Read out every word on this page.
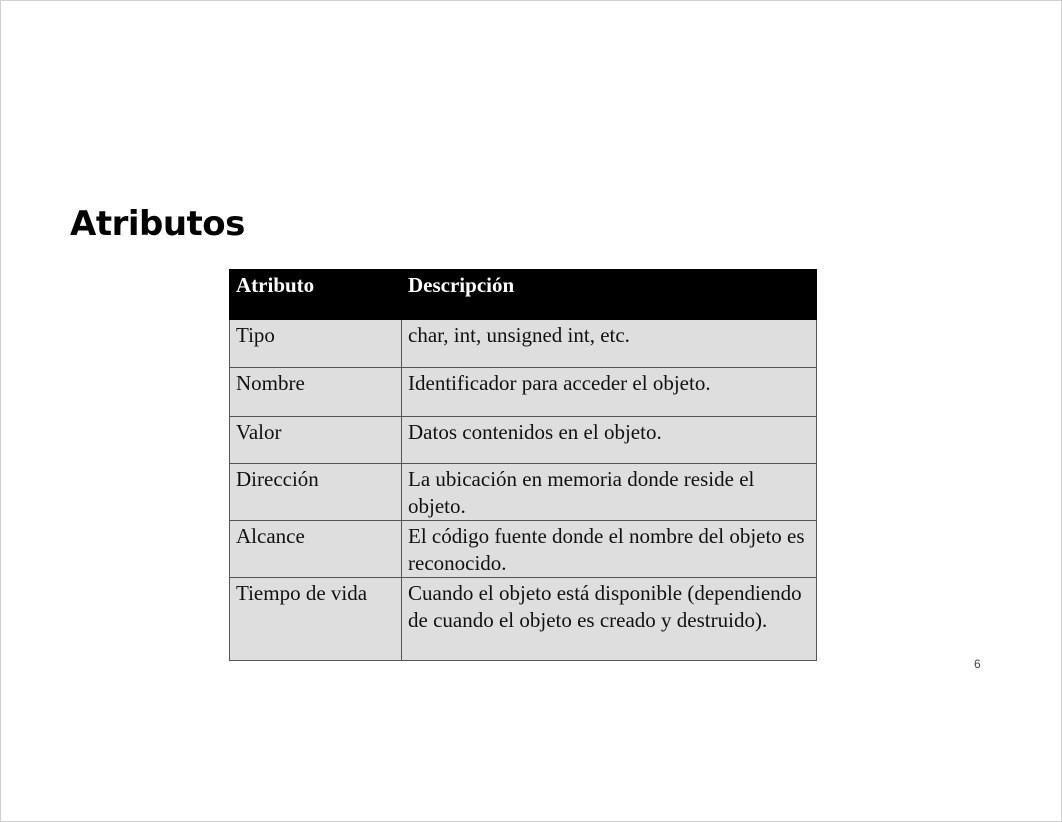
Atributos
Atributo	Descripción
Tipo	char, int, unsigned int, etc.
Nombre	Identificador para acceder el objeto.
Valor	Datos contenidos en el objeto.
Dirección	La ubicación en memoria donde reside el objeto.
Alcance	El código fuente donde el nombre del objeto es reconocido.
Tiempo de vida	Cuando el objeto está disponible (dependiendo de cuando el objeto es creado y destruido).
6
